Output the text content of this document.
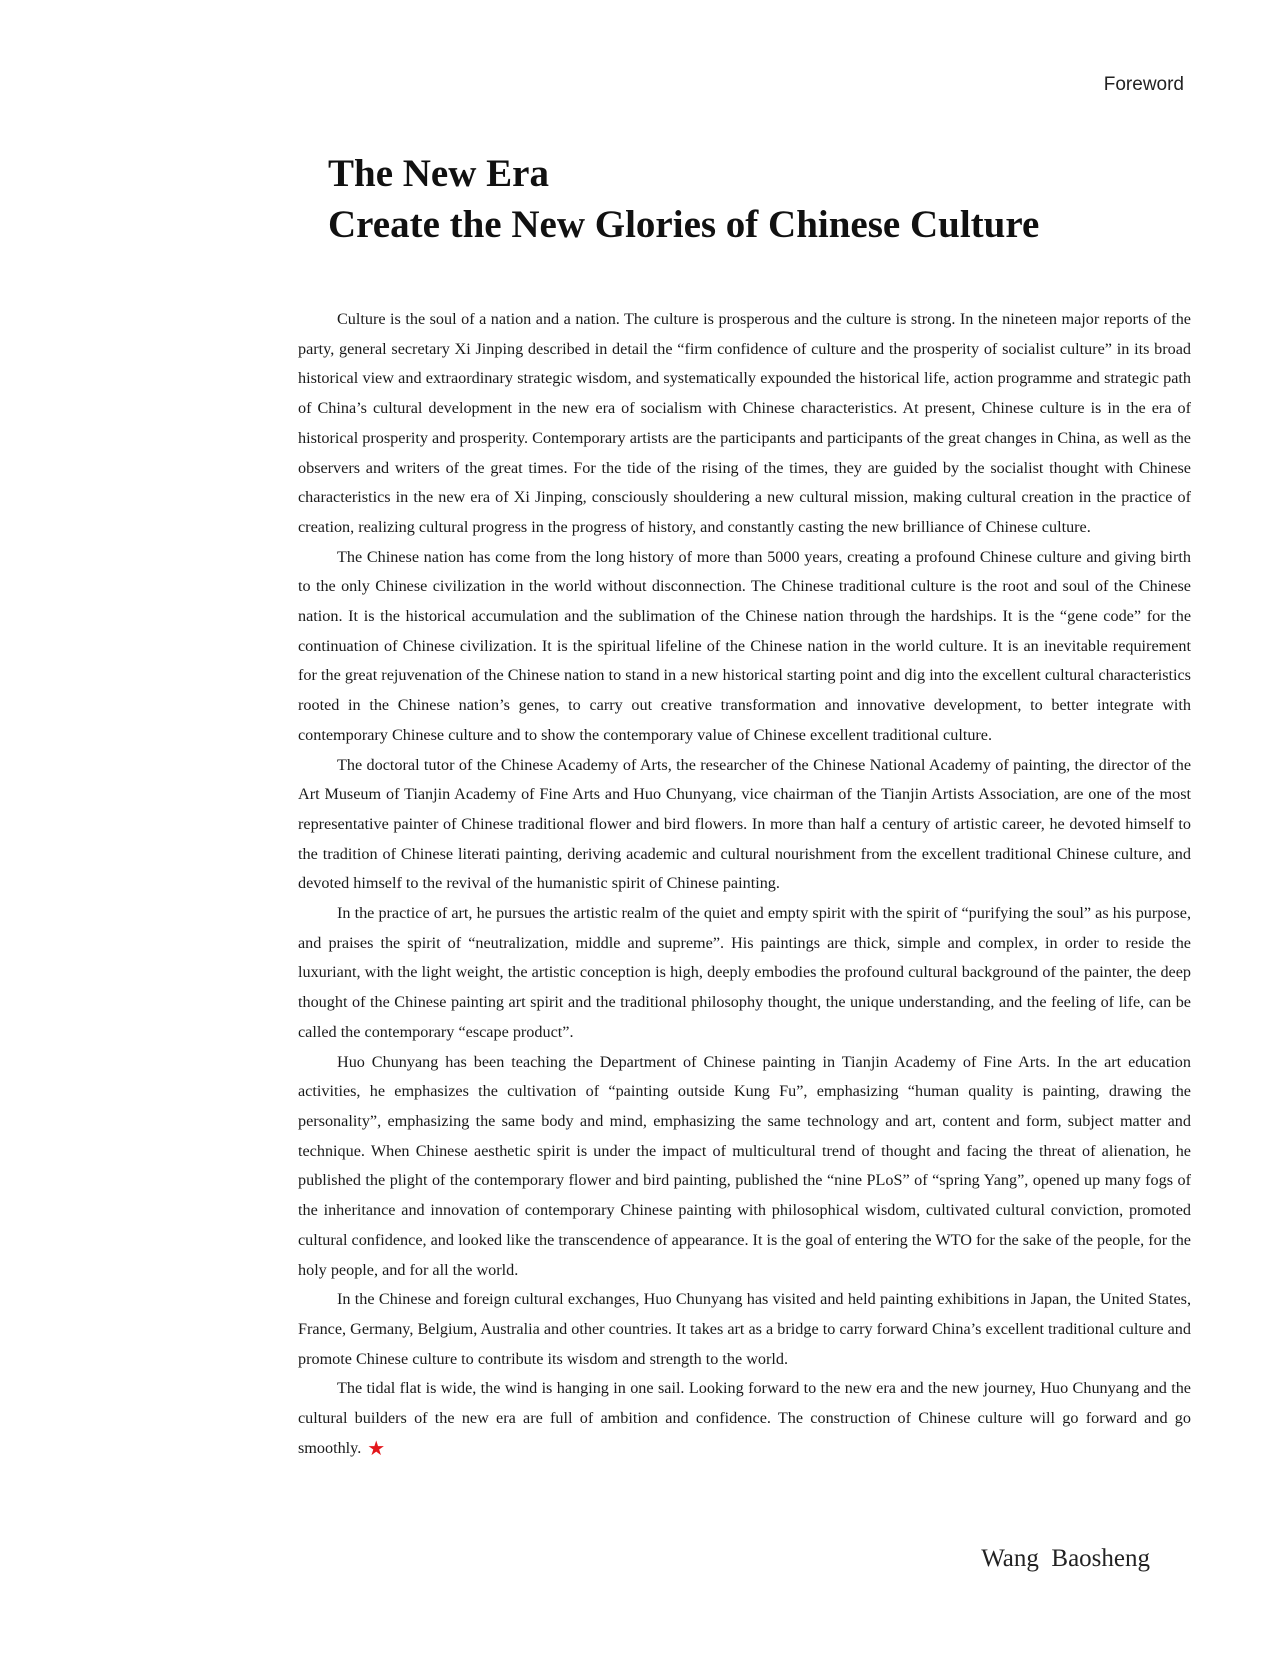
Foreword

The New Era
Create the New Glories of Chinese Culture

Culture is the soul of a nation and a nation. The culture is prosperous and the culture is strong. In the nineteen major reports of the party, general secretary Xi Jinping described in detail the “firm confidence of culture and the prosperity of socialist culture” in its broad historical view and extraordinary strategic wisdom, and systematically expounded the historical life, action programme and strategic path of China’s cultural development in the new era of socialism with Chinese characteristics. At present, Chinese culture is in the era of historical prosperity and prosperity. Contemporary artists are the participants and participants of the great changes in China, as well as the observers and writers of the great times. For the tide of the rising of the times, they are guided by the socialist thought with Chinese characteristics in the new era of Xi Jinping, consciously shouldering a new cultural mission, making cultural creation in the practice of creation, realizing cultural progress in the progress of history, and constantly casting the new brilliance of Chinese culture.

The Chinese nation has come from the long history of more than 5000 years, creating a profound Chinese culture and giving birth to the only Chinese civilization in the world without disconnection. The Chinese traditional culture is the root and soul of the Chinese nation. It is the historical accumulation and the sublimation of the Chinese nation through the hardships. It is the “gene code” for the continuation of Chinese civilization. It is the spiritual lifeline of the Chinese nation in the world culture. It is an inevitable requirement for the great rejuvenation of the Chinese nation to stand in a new historical starting point and dig into the excellent cultural characteristics rooted in the Chinese nation’s genes, to carry out creative transformation and innovative development, to better integrate with contemporary Chinese culture and to show the contemporary value of Chinese excellent traditional culture.

The doctoral tutor of the Chinese Academy of Arts, the researcher of the Chinese National Academy of painting, the director of the Art Museum of Tianjin Academy of Fine Arts and Huo Chunyang, vice chairman of the Tianjin Artists Association, are one of the most representative painter of Chinese traditional flower and bird flowers. In more than half a century of artistic career, he devoted himself to the tradition of Chinese literati painting, deriving academic and cultural nourishment from the excellent traditional Chinese culture, and devoted himself to the revival of the humanistic spirit of Chinese painting.

In the practice of art, he pursues the artistic realm of the quiet and empty spirit with the spirit of “purifying the soul” as his purpose, and praises the spirit of “neutralization, middle and supreme”. His paintings are thick, simple and complex, in order to reside the luxuriant, with the light weight, the artistic conception is high, deeply embodies the profound cultural background of the painter, the deep thought of the Chinese painting art spirit and the traditional philosophy thought, the unique understanding, and the feeling of life, can be called the contemporary “escape product”.

Huo Chunyang has been teaching the Department of Chinese painting in Tianjin Academy of Fine Arts. In the art education activities, he emphasizes the cultivation of “painting outside Kung Fu”, emphasizing “human quality is painting, drawing the personality”, emphasizing the same body and mind, emphasizing the same technology and art, content and form, subject matter and technique. When Chinese aesthetic spirit is under the impact of multicultural trend of thought and facing the threat of alienation, he published the plight of the contemporary flower and bird painting, published the “nine PLoS” of “spring Yang”, opened up many fogs of the inheritance and innovation of contemporary Chinese painting with philosophical wisdom, cultivated cultural conviction, promoted cultural confidence, and looked like the transcendence of appearance. It is the goal of entering the WTO for the sake of the people, for the holy people, and for all the world.

In the Chinese and foreign cultural exchanges, Huo Chunyang has visited and held painting exhibitions in Japan, the United States, France, Germany, Belgium, Australia and other countries. It takes art as a bridge to carry forward China’s excellent traditional culture and promote Chinese culture to contribute its wisdom and strength to the world.

The tidal flat is wide, the wind is hanging in one sail. Looking forward to the new era and the new journey, Huo Chunyang and the cultural builders of the new era are full of ambition and confidence. The construction of Chinese culture will go forward and go smoothly. ★

Wang  Baosheng
